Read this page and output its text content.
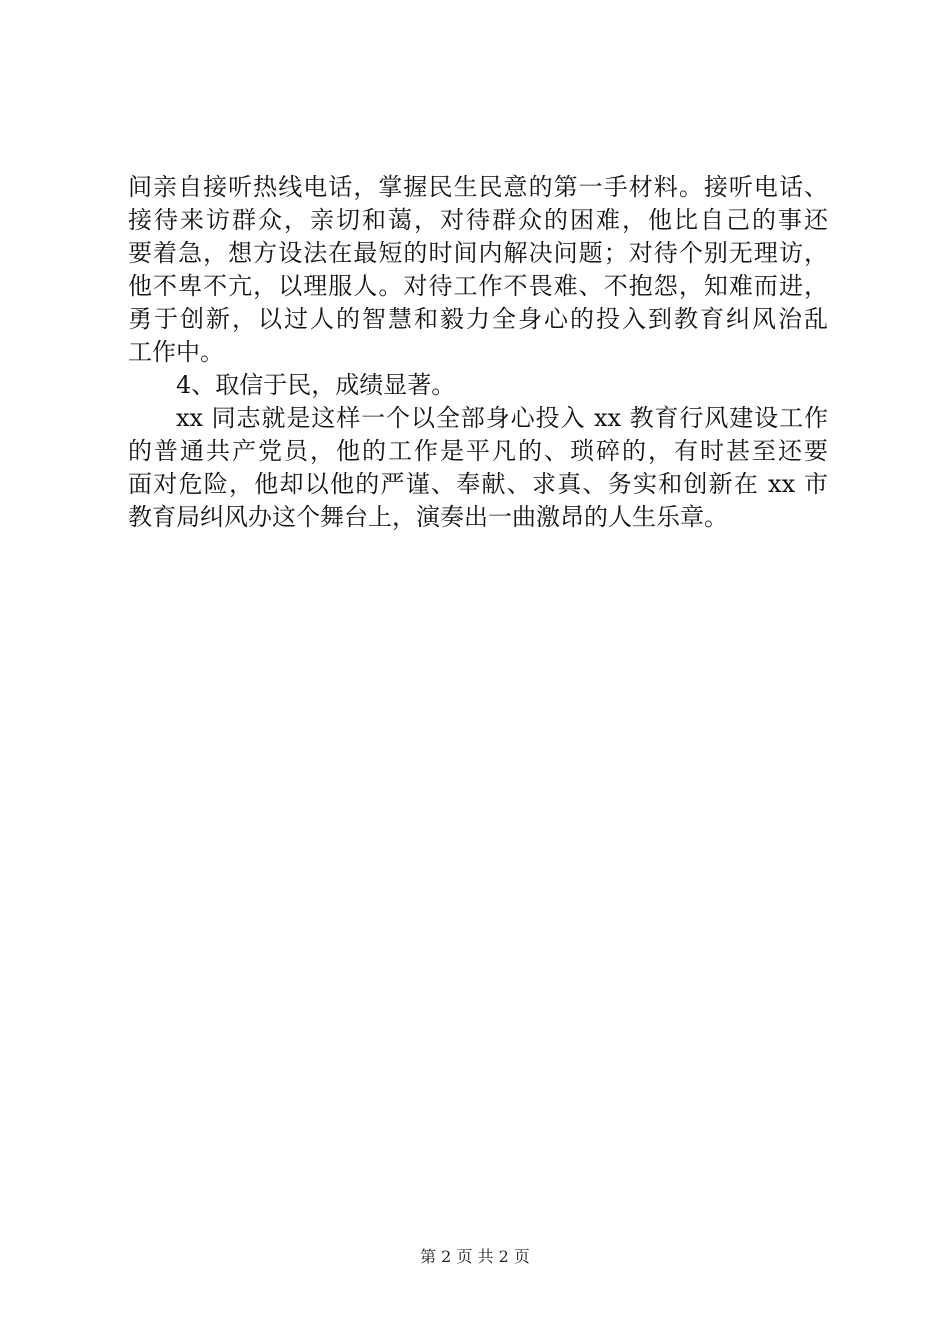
间亲自接听热线电话，掌握民生民意的第一手材料。接听电话、
接待来访群众，亲切和蔼，对待群众的困难，他比自己的事还
要着急，想方设法在最短的时间内解决问题；对待个别无理访，
他不卑不亢，以理服人。对待工作不畏难、不抱怨，知难而进，
勇于创新，以过人的智慧和毅力全身心的投入到教育纠风治乱
工作中。
4、取信于民，成绩显著。
xx 同志就是这样一个以全部身心投入 xx 教育行风建设工作
的普通共产党员，他的工作是平凡的、琐碎的，有时甚至还要
面对危险，他却以他的严谨、奉献、求真、务实和创新在 xx 市
教育局纠风办这个舞台上，演奏出一曲激昂的人生乐章。
第 2 页 共 2 页
